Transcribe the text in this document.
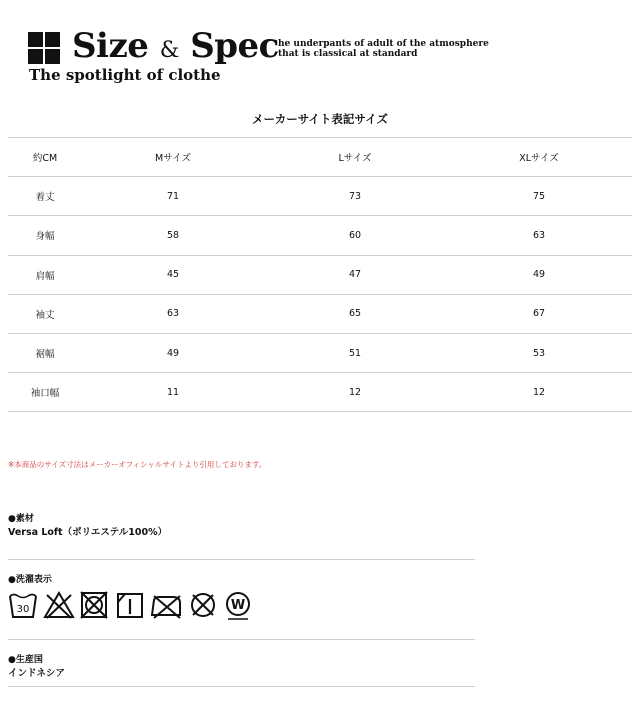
Size & Spec
The spotlight of clothe
he underpants of adult of the atmosphere
that is classical at standard
メーカーサイト表記サイズ
約CM	Mサイズ	Lサイズ	XLサイズ
着丈	71	73	75
身幅	58	60	63
肩幅	45	47	49
袖丈	63	65	67
裾幅	49	51	53
袖口幅	11	12	12
※本商品のサイズ寸法はメーカーオフィシャルサイトより引用しております。
●素材
Versa Loft（ポリエステル100%）
●洗濯表示
30	W
●生産国
インドネシア
